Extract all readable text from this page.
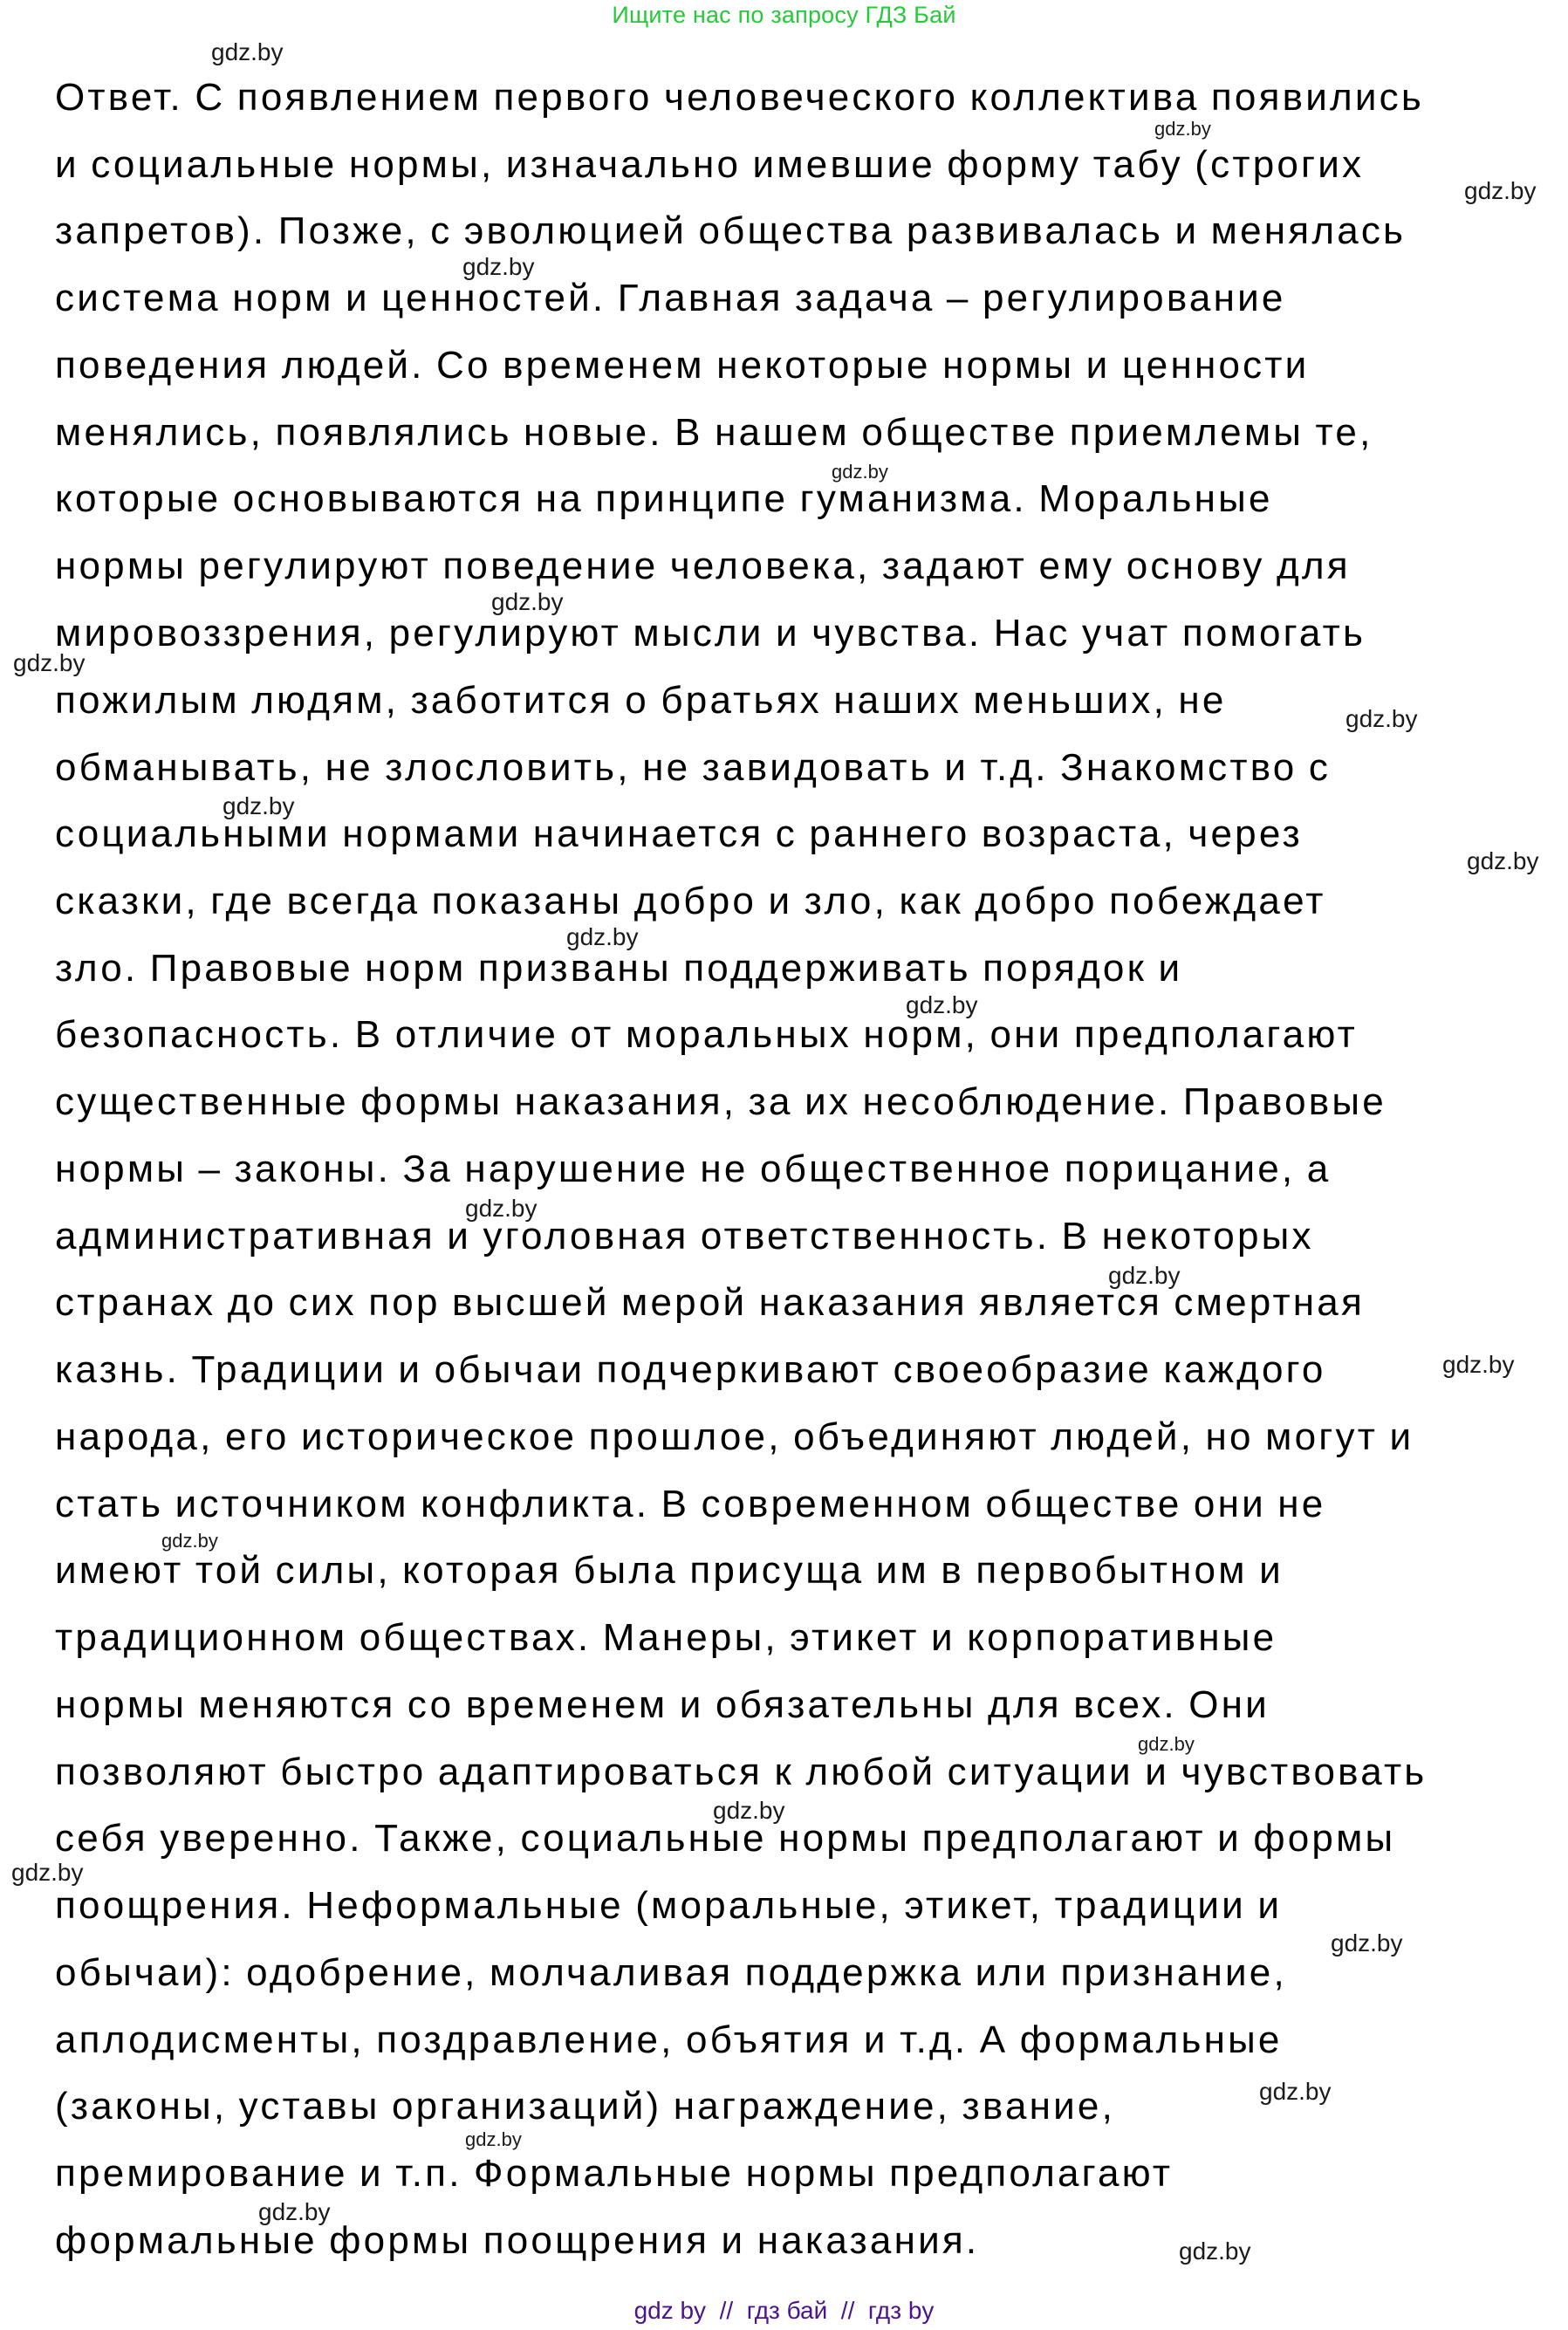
Ищите нас по запросу ГДЗ Бай
Ответ. С появлением первого человеческого коллектива появились
и социальные нормы, изначально имевшие форму табу (строгих
запретов). Позже, с эволюцией общества развивалась и менялась
система норм и ценностей. Главная задача – регулирование
поведения людей. Со временем некоторые нормы и ценности
менялись, появлялись новые. В нашем обществе приемлемы те,
которые основываются на принципе гуманизма. Моральные
нормы регулируют поведение человека, задают ему основу для
мировоззрения, регулируют мысли и чувства. Нас учат помогать
пожилым людям, заботится о братьях наших меньших, не
обманывать, не злословить, не завидовать и т.д. Знакомство с
социальными нормами начинается с раннего возраста, через
сказки, где всегда показаны добро и зло, как добро побеждает
зло. Правовые норм призваны поддерживать порядок и
безопасность. В отличие от моральных норм, они предполагают
существенные формы наказания, за их несоблюдение. Правовые
нормы – законы. За нарушение не общественное порицание, а
административная и уголовная ответственность. В некоторых
странах до сих пор высшей мерой наказания является смертная
казнь. Традиции и обычаи подчеркивают своеобразие каждого
народа, его историческое прошлое, объединяют людей, но могут и
стать источником конфликта. В современном обществе они не
имеют той силы, которая была присуща им в первобытном и
традиционном обществах. Манеры, этикет и корпоративные
нормы меняются со временем и обязательны для всех. Они
позволяют быстро адаптироваться к любой ситуации и чувствовать
себя уверенно. Также, социальные нормы предполагают и формы
поощрения. Неформальные (моральные, этикет, традиции и
обычаи): одобрение, молчаливая поддержка или признание,
аплодисменты, поздравление, объятия и т.д. А формальные
(законы, уставы организаций) награждение, звание,
премирование и т.п. Формальные нормы предполагают
формальные формы поощрения и наказания.
gdz.by
gdz.by
gdz.by
gdz.by
gdz.by
gdz.by
gdz.by
gdz.by
gdz.by
gdz.by
gdz.by
gdz.by
gdz.by
gdz.by
gdz.by
gdz.by
gdz.by
gdz.by
gdz.by
gdz.by
gdz.by
gdz.by
gdz.by
gdz.by
gdz by  //  гдз бай  //  гдз by
